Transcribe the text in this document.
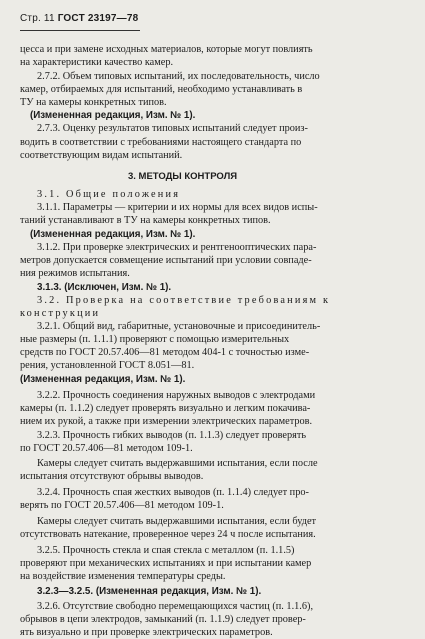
Стр. 11 ГОСТ 23197—78
цесса и при замене исходных материалов, которые могут повлиять
на характеристики качество камер.
2.7.2. Объем типовых испытаний, их последовательность, число
камер, отбираемых для испытаний, необходимо устанавливать в
ТУ на камеры конкретных типов.
(Измененная редакция, Изм. № 1).
2.7.3. Оценку результатов типовых испытаний следует произ-
водить в соответствии с требованиями настоящего стандарта по
соответствующим видам испытаний.
3. МЕТОДЫ КОНТРОЛЯ
3.1. Общие положения
3.1.1. Параметры — критерии и их нормы для всех видов испы-
таний устанавливают в ТУ на камеры конкретных типов.
(Измененная редакция, Изм. № 1).
3.1.2. При проверке электрических и рентгенооптических пара-
метров допускается совмещение испытаний при условии совпаде-
ния режимов испытания.
3.1.3. (Исключен, Изм. № 1).
3.2. Проверка на соответствие требованиям к
конструкции
3.2.1. Общий вид, габаритные, установочные и присоединитель-
ные размеры (п. 1.1.1) проверяют с помощью измерительных
средств по ГОСТ 20.57.406—81 методом 404-1 с точностью изме-
рения, установленной ГОСТ 8.051—81.
(Измененная редакция, Изм. № 1).
3.2.2. Прочность соединения наружных выводов с электродами
камеры (п. 1.1.2) следует проверять визуально и легким покачива-
нием их рукой, а также при измерении электрических параметров.
3.2.3. Прочность гибких выводов (п. 1.1.3) следует проверять
по ГОСТ 20.57.406—81 методом 109-1.
Камеры следует считать выдержавшими испытания, если после
испытания отсутствуют обрывы выводов.
3.2.4. Прочность спая жестких выводов (п. 1.1.4) следует про-
верять по ГОСТ 20.57.406—81 методом 109-1.
Камеры следует считать выдержавшими испытания, если будет
отсутствовать натекание, проверенное через 24 ч после испытания.
3.2.5. Прочность стекла и спая стекла с металлом (п. 1.1.5)
проверяют при механических испытаниях и при испытании камер
на воздействие изменения температуры среды.
3.2.3—3.2.5. (Измененная редакция, Изм. № 1).
3.2.6. Отсутствие свободно перемещающихся частиц (п. 1.1.6),
обрывов в цепи электродов, замыканий (п. 1.1.9) следует провер-
ять визуально и при проверке электрических параметров.
